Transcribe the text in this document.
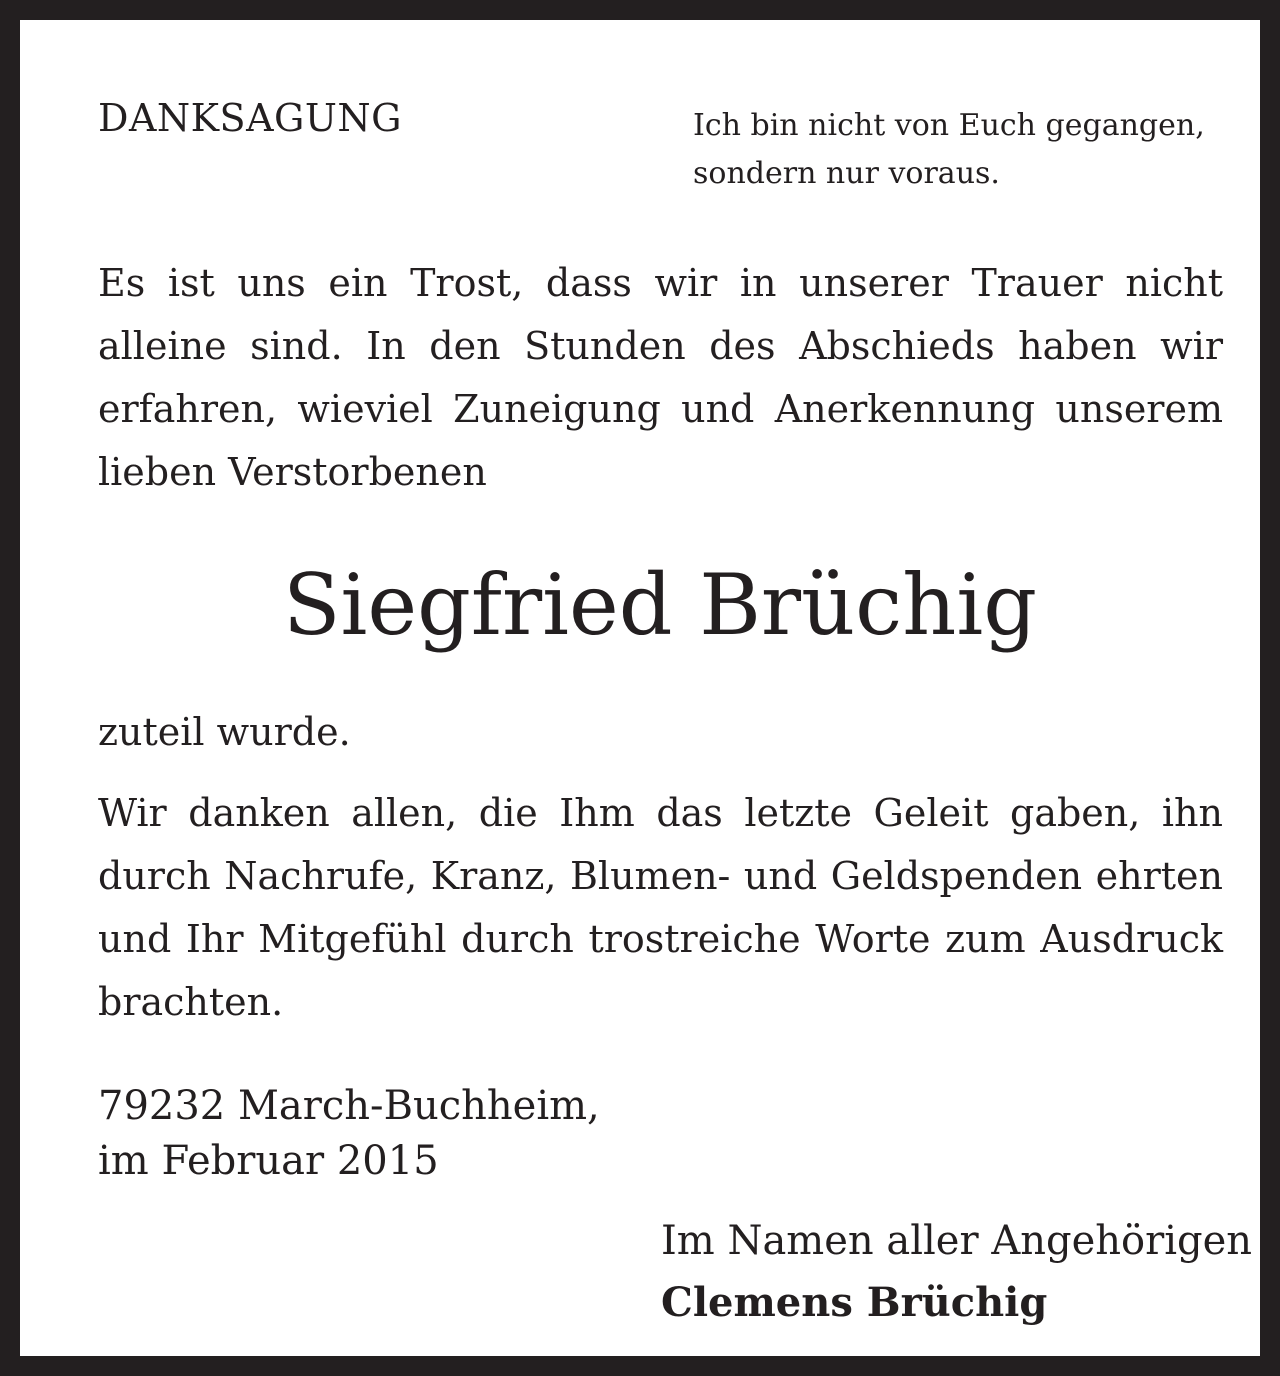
DANKSAGUNG	Ich bin nicht von Euch gegangen,
sondern nur voraus.

Es ist uns ein Trost, dass wir in unserer Trauer nicht alleine sind. In den Stunden des Abschieds haben wir erfahren, wieviel Zuneigung und Anerkennung unserem lieben Verstorbenen

Siegfried Brüchig
zuteil wurde.

Wir danken allen, die Ihm das letzte Geleit gaben, ihn durch Nachrufe, Kranz, Blumen- und Geldspenden ehrten und Ihr Mitgefühl durch trostreiche Worte zum Ausdruck brachten.

79232 March-Buchheim,
im Februar 2015
Im Namen aller Angehörigen
Clemens Brüchig
